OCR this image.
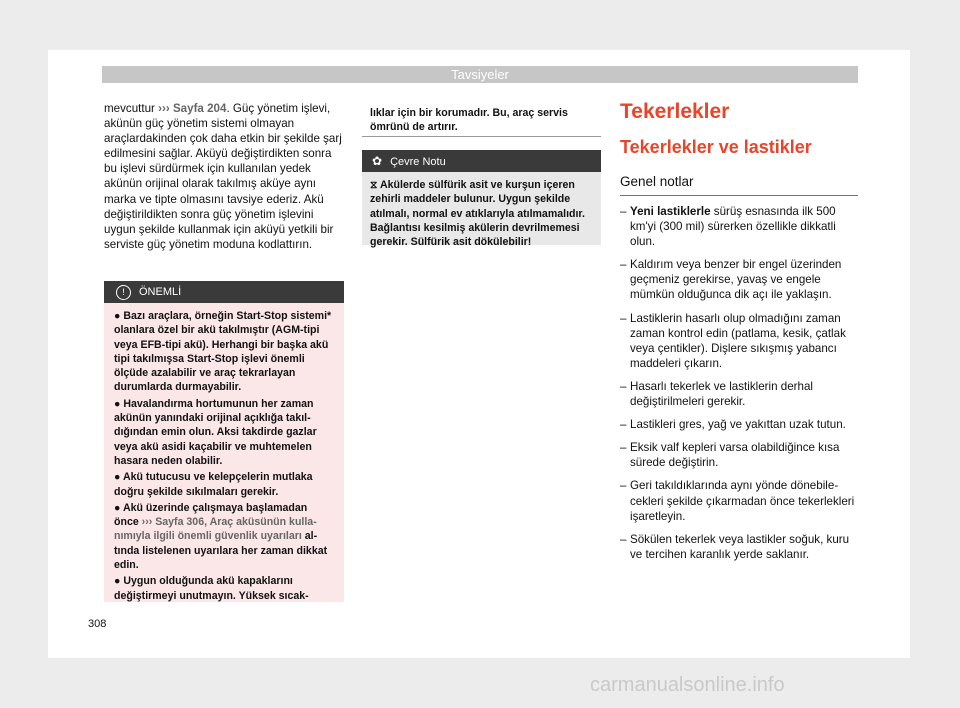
Tavsiyeler

mevcuttur ››› Sayfa 204. Güç yönetim işlevi, akünün güç yönetim sistemi olmayan araçlardakinden çok daha etkin bir şekilde şarj edilmesini sağlar. Aküyü değiştirdikten sonra bu işlevi sürdürmek için kullanılan yedek akünün orijinal olarak takılmış aküye aynı marka ve tipte olmasını tavsiye ederiz. Akü değiştirildikten sonra güç yönetim işlevini uygun şekilde kullanmak için aküyü yetkili bir serviste güç yönetim moduna kodlattırın.

! ÖNEMLİ

● Bazı araçlara, örneğin Start-Stop sistemi* olanlara özel bir akü takılmıştır (AGM-tipi veya EFB-tipi akü). Herhangi bir başka akü tipi takılmışsa Start-Stop işlevi önemli ölçüde azalabilir ve araç tekrarlayan durumlarda durmayabilir.

● Havalandırma hortumunun her zaman akünün yanındaki orijinal açıklığa takıldığından emin olun. Aksi takdirde gazlar veya akü asidi kaçabilir ve muhtemelen hasara neden olabilir.

● Akü tutucusu ve kelepçelerin mutlaka doğru şekilde sıkılmaları gerekir.

● Akü üzerinde çalışmaya başlamadan önce ››› Sayfa 306, Araç aküsünün kullanımıyla ilgili önemli güvenlik uyarıları altında listelenen uyarılara her zaman dikkat edin.

● Uygun olduğunda akü kapaklarını değiştirmeyi unutmayın. Yüksek sıcak-

lıklar için bir korumadır. Bu, araç servis ömrünü de artırır.
✿ Çevre Notu
⧖ Akülerde sülfürik asit ve kurşun içeren zehirli maddeler bulunur. Uygun şekilde atılmalı, normal ev atıklarıyla atılmamalıdır. Bağlantısı kesilmiş akülerin devrilmemesi gerekir. Sülfürik asit dökülebilir!
Tekerlekler
Tekerlekler ve lastikler
Genel notlar
– Yeni lastiklerle sürüş esnasında ilk 500 km'yi (300 mil) sürerken özellikle dikkatli olun.
– Kaldırım veya benzer bir engel üzerinden geçmeniz gerekirse, yavaş ve engele mümkün olduğunca dik açı ile yaklaşın.
– Lastiklerin hasarlı olup olmadığını zaman zaman kontrol edin (patlama, kesik, çatlak veya çentikler). Dişlere sıkışmış yabancı maddeleri çıkarın.
– Hasarlı tekerlek ve lastiklerin derhal değiştirilmeleri gerekir.
– Lastikleri gres, yağ ve yakıttan uzak tutun.
– Eksik valf kepleri varsa olabildiğince kısa sürede değiştirin.
– Geri takıldıklarında aynı yönde dönebilecekleri şekilde çıkarmadan önce tekerlekleri işaretleyin.
– Sökülen tekerlek veya lastikler soğuk, kuru ve tercihen karanlık yerde saklanır.
308
carmanualsonline.info
